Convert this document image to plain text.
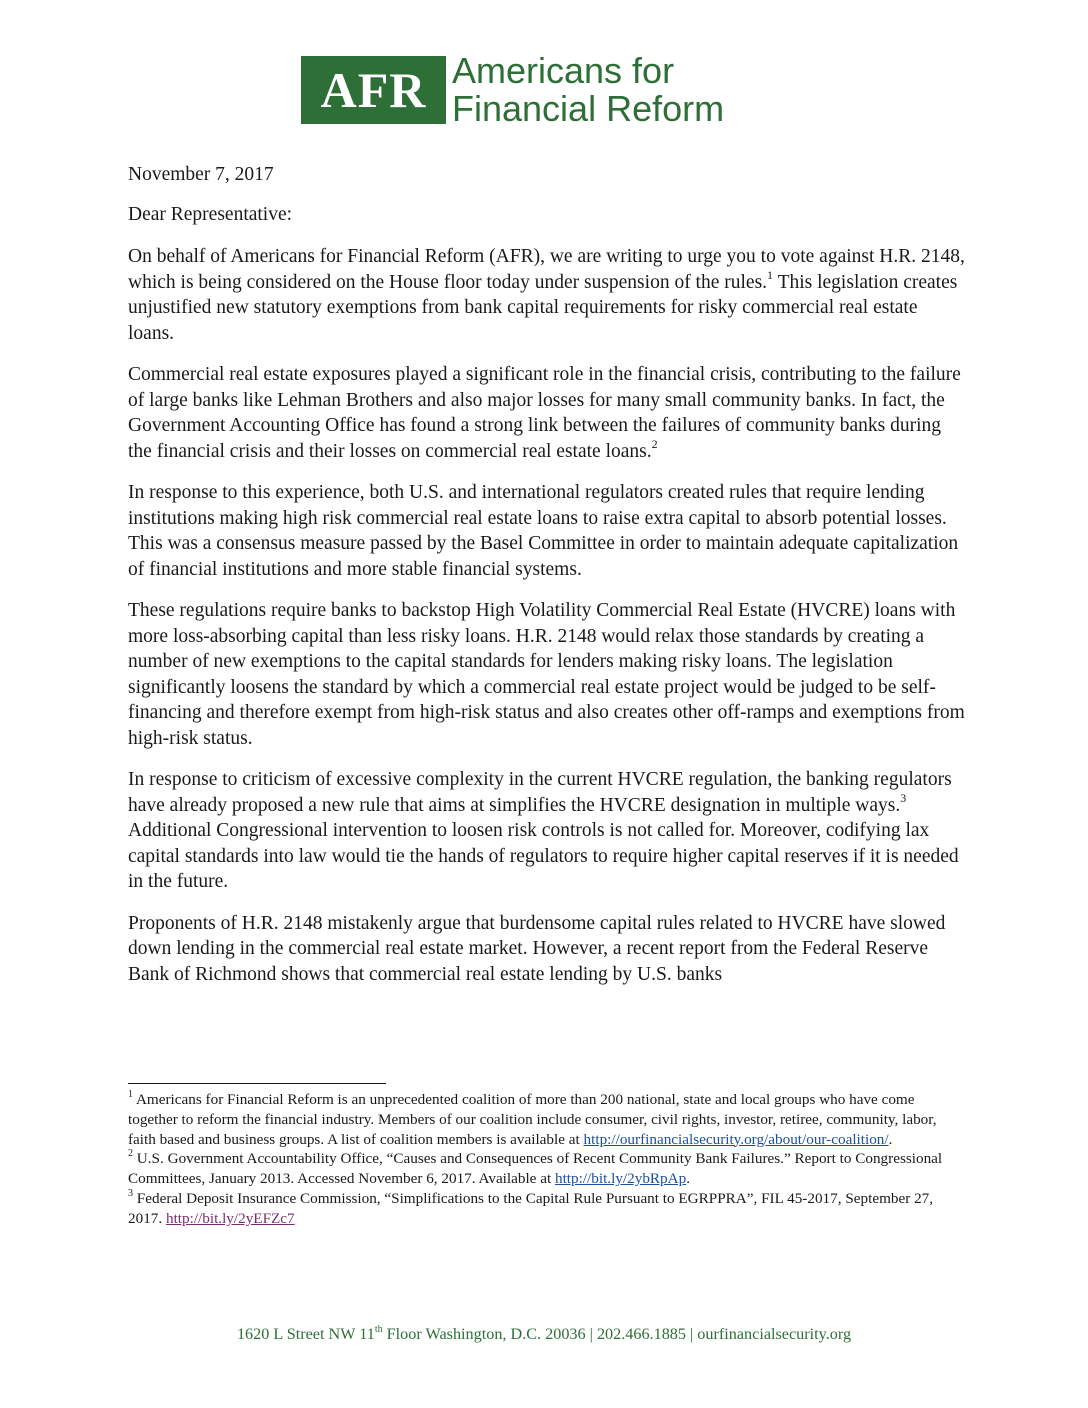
AFR Americans for
Financial Reform

November 7, 2017

Dear Representative:

On behalf of Americans for Financial Reform (AFR), we are writing to urge you to vote against H.R. 2148, which is being considered on the House floor today under suspension of the rules.$^1$ This legislation creates unjustified new statutory exemptions from bank capital requirements for risky commercial real estate loans.

Commercial real estate exposures played a significant role in the financial crisis, contributing to the failure of large banks like Lehman Brothers and also major losses for many small community banks. In fact, the Government Accounting Office has found a strong link between the failures of community banks during the financial crisis and their losses on commercial real estate loans.$^2$

In response to this experience, both U.S. and international regulators created rules that require lending institutions making high risk commercial real estate loans to raise extra capital to absorb potential losses. This was a consensus measure passed by the Basel Committee in order to maintain adequate capitalization of financial institutions and more stable financial systems.

These regulations require banks to backstop High Volatility Commercial Real Estate (HVCRE) loans with more loss-absorbing capital than less risky loans. H.R. 2148 would relax those standards by creating a number of new exemptions to the capital standards for lenders making risky loans. The legislation significantly loosens the standard by which a commercial real estate project would be judged to be self-financing and therefore exempt from high-risk status and also creates other off-ramps and exemptions from high-risk status.

In response to criticism of excessive complexity in the current HVCRE regulation, the banking regulators have already proposed a new rule that aims at simplifies the HVCRE designation in multiple ways.$^3$ Additional Congressional intervention to loosen risk controls is not called for. Moreover, codifying lax capital standards into law would tie the hands of regulators to require higher capital reserves if it is needed in the future.

Proponents of H.R. 2148 mistakenly argue that burdensome capital rules related to HVCRE have slowed down lending in the commercial real estate market. However, a recent report from the Federal Reserve Bank of Richmond shows that commercial real estate lending by U.S. banks

$^1$ Americans for Financial Reform is an unprecedented coalition of more than 200 national, state and local groups who have come together to reform the financial industry. Members of our coalition include consumer, civil rights, investor, retiree, community, labor, faith based and business groups. A list of coalition members is available at http://ourfinancialsecurity.org/about/our-coalition/.

$^2$ U.S. Government Accountability Office, “Causes and Consequences of Recent Community Bank Failures.” Report to Congressional Committees, January 2013. Accessed November 6, 2017. Available at http://bit.ly/2ybRpAp.

$^3$ Federal Deposit Insurance Commission, “Simplifications to the Capital Rule Pursuant to EGRPPRA”, FIL 45-2017, September 27, 2017. http://bit.ly/2yEFZc7

1620 L Street NW 11th Floor Washington, D.C. 20036 | 202.466.1885 | ourfinancialsecurity.org
